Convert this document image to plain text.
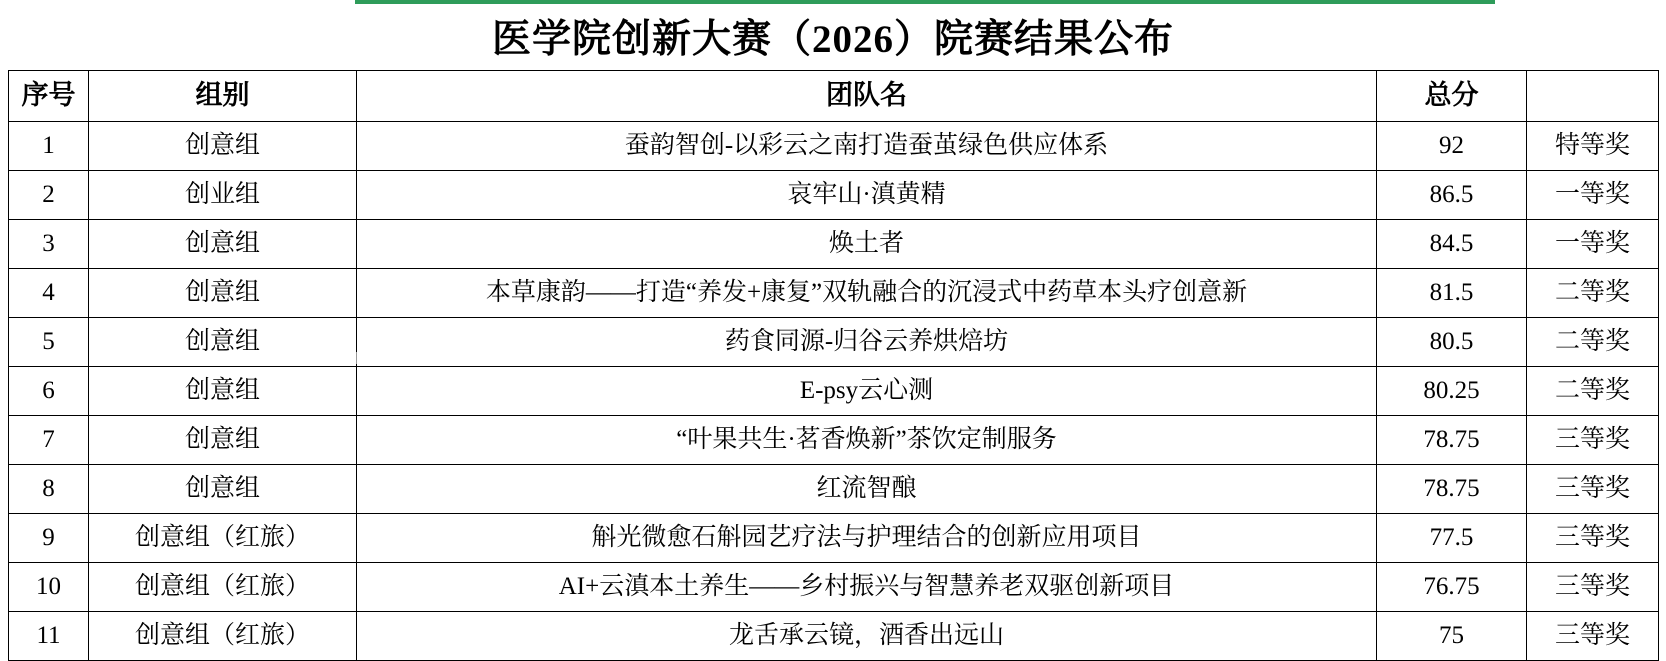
医学院创新大赛（2026）院赛结果公布
序号	组别	团队名	总分	
1	创意组	蚕韵智创-以彩云之南打造蚕茧绿色供应体系	92	特等奖
2	创业组	哀牢山·滇黄精	86.5	一等奖
3	创意组	焕土者	84.5	一等奖
4	创意组	本草康韵——打造“养发+康复”双轨融合的沉浸式中药草本头疗创意新	81.5	二等奖
5	创意组	药食同源-归谷云养烘焙坊	80.5	二等奖
6	创意组	E-psy云心测	80.25	二等奖
7	创意组	“叶果共生·茗香焕新”茶饮定制服务	78.75	三等奖
8	创意组	红流智酿	78.75	三等奖
9	创意组（红旅）	斛光微愈石斛园艺疗法与护理结合的创新应用项目	77.5	三等奖
10	创意组（红旅）	AI+云滇本土养生——乡村振兴与智慧养老双驱创新项目	76.75	三等奖
11	创意组（红旅）	龙舌承云镜，酒香出远山	75	三等奖
